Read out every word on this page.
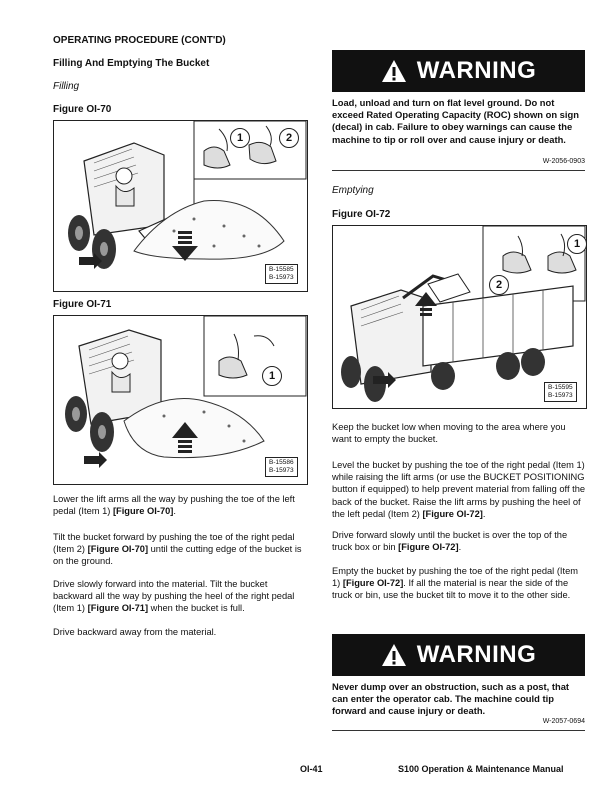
OPERATING PROCEDURE (CONT'D)
Filling And Emptying The Bucket
Filling
Figure OI-70
1	2
B-15585
B-15973
Figure OI-71
1
B-15586
B-15973
Lower the lift arms all the way by pushing the toe of the left pedal (Item 1) [Figure OI-70].
Tilt the bucket forward by pushing the toe of the right pedal (Item 2) [Figure OI-70] until the cutting edge of the bucket is on the ground.
Drive slowly forward into the material. Tilt the bucket backward all the way by pushing the heel of the right pedal (Item 1) [Figure OI-71] when the bucket is full.
Drive backward away from the material.
WARNING
Load, unload and turn on flat level ground. Do not exceed Rated Operating Capacity (ROC) shown on sign (decal) in cab. Failure to obey warnings can cause the machine to tip or roll over and cause injury or death.
W-2056-0903
Emptying
Figure OI-72
1
2
B-15595
B-15973
Keep the bucket low when moving to the area where you want to empty the bucket.
Level the bucket by pushing the toe of the right pedal (Item 1) while raising the lift arms (or use the BUCKET POSITIONING button if equipped) to help prevent material from falling off the back of the bucket. Raise the lift arms by pushing the heel of the left pedal (Item 2) [Figure OI-72].
Drive forward slowly until the bucket is over the top of the truck box or bin [Figure OI-72].
Empty the bucket by pushing the toe of the right pedal (Item 1) [Figure OI-72]. If all the material is near the side of the truck or bin, use the bucket tilt to move it to the other side.
WARNING
Never dump over an obstruction, such as a post, that can enter the operator cab. The machine could tip forward and cause injury or death.
W-2057-0694
OI-41	S100 Operation & Maintenance Manual
